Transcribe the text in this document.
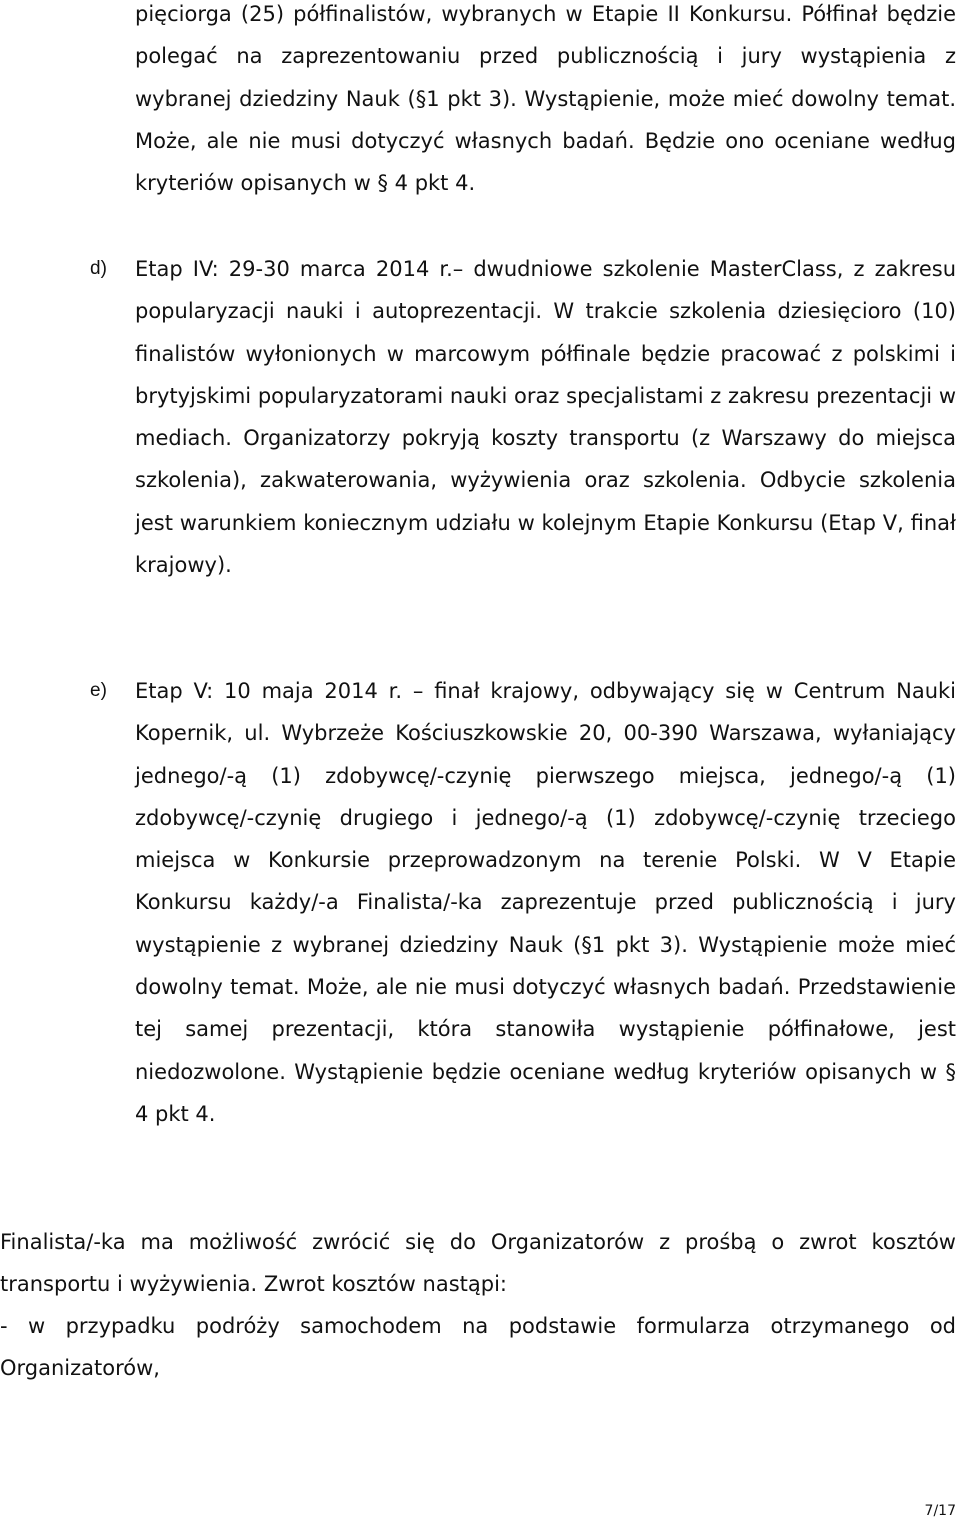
pięciorga (25) półfinalistów, wybranych w Etapie II Konkursu. Półfinał będzie polegać na zaprezentowaniu przed publicznością i jury wystąpienia z wybranej dziedziny Nauk (§1 pkt 3). Wystąpienie, może mieć dowolny temat. Może, ale nie musi dotyczyć własnych badań. Będzie ono oceniane według kryteriów opisanych w § 4 pkt 4.

d) Etap IV: 29-30 marca 2014 r.– dwudniowe szkolenie MasterClass, z zakresu popularyzacji nauki i autoprezentacji. W trakcie szkolenia dziesięcioro (10) finalistów wyłonionych w marcowym półfinale będzie pracować z polskimi i brytyjskimi popularyzatorami nauki oraz specjalistami z zakresu prezentacji w mediach. Organizatorzy pokryją koszty transportu (z Warszawy do miejsca szkolenia), zakwaterowania, wyżywienia oraz szkolenia. Odbycie szkolenia jest warunkiem koniecznym udziału w kolejnym Etapie Konkursu (Etap V, finał krajowy).

e) Etap V: 10 maja 2014 r. – finał krajowy, odbywający się w Centrum Nauki Kopernik, ul. Wybrzeże Kościuszkowskie 20, 00-390 Warszawa, wyłaniający jednego/-ą (1) zdobywcę/-czynię pierwszego miejsca, jednego/-ą (1) zdobywcę/-czynię drugiego i jednego/-ą (1) zdobywcę/-czynię trzeciego miejsca w Konkursie przeprowadzonym na terenie Polski. W V Etapie Konkursu każdy/-a Finalista/-ka zaprezentuje przed publicznością i jury wystąpienie z wybranej dziedziny Nauk (§1 pkt 3). Wystąpienie może mieć dowolny temat. Może, ale nie musi dotyczyć własnych badań. Przedstawienie tej samej prezentacji, która stanowiła wystąpienie półfinałowe, jest niedozwolone. Wystąpienie będzie oceniane według kryteriów opisanych w § 4 pkt 4.

Finalista/-ka ma możliwość zwrócić się do Organizatorów z prośbą o zwrot kosztów transportu i wyżywienia. Zwrot kosztów nastąpi:

- w przypadku podróży samochodem na podstawie formularza otrzymanego od Organizatorów,

7/17
